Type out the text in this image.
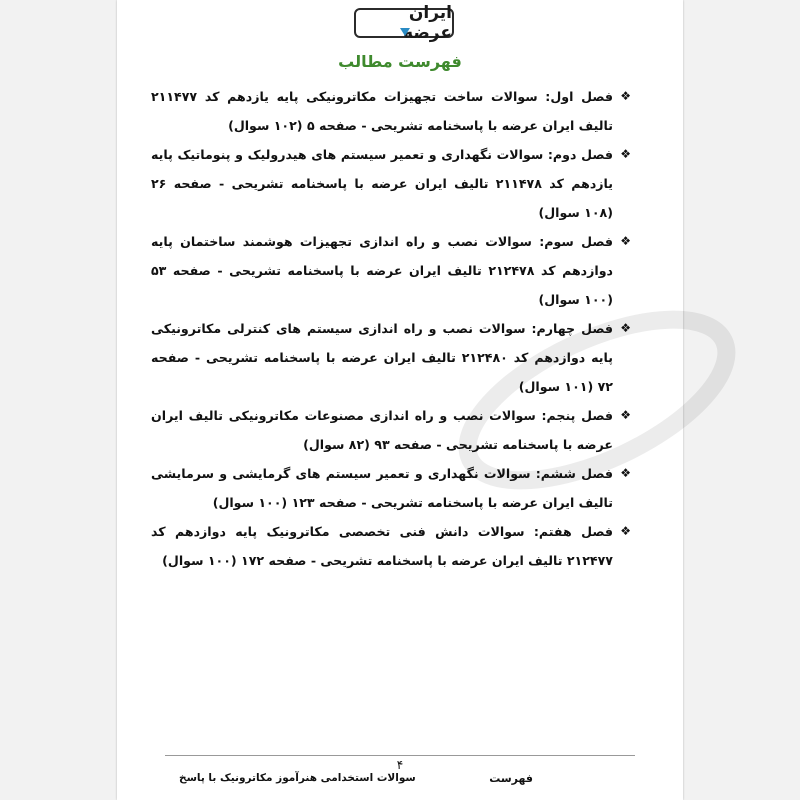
ایران عرضه
فهرست مطالب
❖
فصل اول: سوالات ساخت تجهیزات مکاترونیکی پایه یازدهم کد ۲۱۱۴۷۷ تالیف ایران عرضه با پاسخنامه تشریحی - صفحه ۵ (۱۰۲ سوال)
❖
فصل دوم: سوالات نگهداری و تعمیر سیستم های هیدرولیک و پنوماتیک پایه یازدهم کد ۲۱۱۴۷۸ تالیف ایران عرضه با پاسخنامه تشریحی - صفحه ۲۶ (۱۰۸ سوال)
❖
فصل سوم: سوالات نصب و راه اندازی تجهیزات هوشمند ساختمان پایه دوازدهم کد ۲۱۲۴۷۸ تالیف ایران عرضه با پاسخنامه تشریحی - صفحه ۵۳ (۱۰۰ سوال)
❖
فصل چهارم: سوالات نصب و راه اندازی سیستم های کنترلی مکاترونیکی پایه دوازدهم کد ۲۱۲۴۸۰ تالیف ایران عرضه با پاسخنامه تشریحی - صفحه ۷۲ (۱۰۱ سوال)
❖
فصل پنجم: سوالات نصب و راه اندازی مصنوعات مکاترونیکی تالیف ایران عرضه با پاسخنامه تشریحی - صفحه ۹۳ (۸۲ سوال)
❖
فصل ششم: سوالات نگهداری و تعمیر سیستم های گرمایشی و سرمایشی تالیف ایران عرضه با پاسخنامه تشریحی - صفحه ۱۲۳ (۱۰۰ سوال)
❖
فصل هفتم: سوالات دانش فنی تخصصی مکاترونیک پایه دوازدهم کد ۲۱۲۴۷۷ تالیف ایران عرضه با پاسخنامه تشریحی - صفحه ۱۷۲ (۱۰۰ سوال)
۴
فهرست
سوالات استخدامی هنرآموز مکاترونیک با پاسخ
